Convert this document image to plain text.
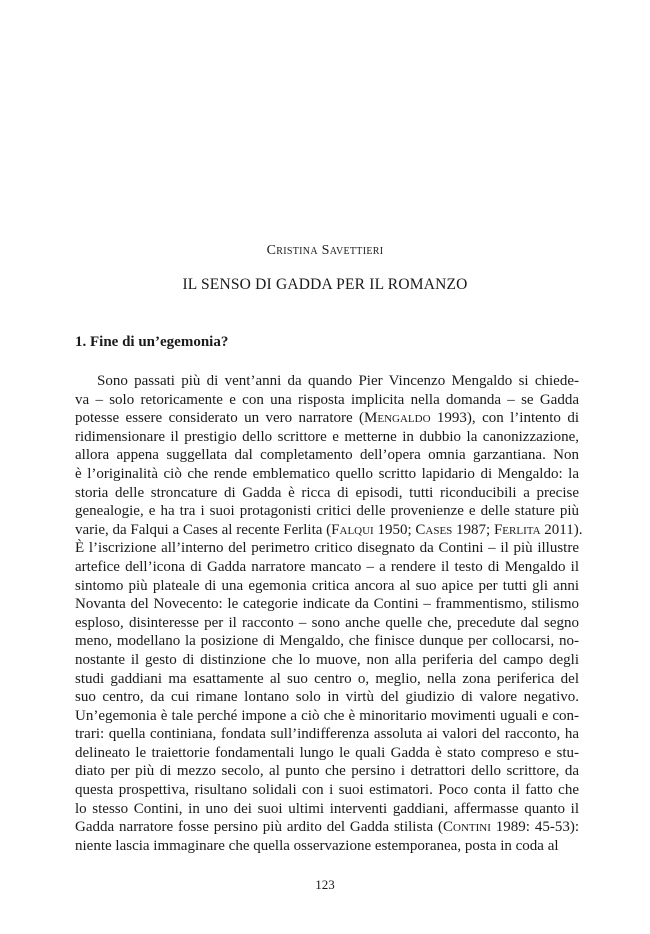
Cristina Savettieri
IL SENSO DI GADDA PER IL ROMANZO
1. Fine di un’egemonia?

Sono passati più di vent’anni da quando Pier Vincenzo Mengaldo si chiede-
va – solo retoricamente e con una risposta implicita nella domanda – se Gadda
potesse essere considerato un vero narratore (Mengaldo 1993), con l’intento di
ridimensionare il prestigio dello scrittore e metterne in dubbio la canonizzazione,
allora appena suggellata dal completamento dell’opera omnia garzantiana. Non
è l’originalità ciò che rende emblematico quello scritto lapidario di Mengaldo: la
storia delle stroncature di Gadda è ricca di episodi, tutti riconducibili a precise
genealogie, e ha tra i suoi protagonisti critici delle provenienze e delle stature più
varie, da Falqui a Cases al recente Ferlita (Falqui 1950; Cases 1987; Ferlita 2011).
È l’iscrizione all’interno del perimetro critico disegnato da Contini – il più illustre
artefice dell’icona di Gadda narratore mancato – a rendere il testo di Mengaldo il
sintomo più plateale di una egemonia critica ancora al suo apice per tutti gli anni
Novanta del Novecento: le categorie indicate da Contini – frammentismo, stilismo
esploso, disinteresse per il racconto – sono anche quelle che, precedute dal segno
meno, modellano la posizione di Mengaldo, che finisce dunque per collocarsi, no-
nostante il gesto di distinzione che lo muove, non alla periferia del campo degli
studi gaddiani ma esattamente al suo centro o, meglio, nella zona periferica del
suo centro, da cui rimane lontano solo in virtù del giudizio di valore negativo.
Un’egemonia è tale perché impone a ciò che è minoritario movimenti uguali e con-
trari: quella continiana, fondata sull’indifferenza assoluta ai valori del racconto, ha
delineato le traiettorie fondamentali lungo le quali Gadda è stato compreso e stu-
diato per più di mezzo secolo, al punto che persino i detrattori dello scrittore, da
questa prospettiva, risultano solidali con i suoi estimatori. Poco conta il fatto che
lo stesso Contini, in uno dei suoi ultimi interventi gaddiani, affermasse quanto il
Gadda narratore fosse persino più ardito del Gadda stilista (Contini 1989: 45-53):
niente lascia immaginare che quella osservazione estemporanea, posta in coda al

123
